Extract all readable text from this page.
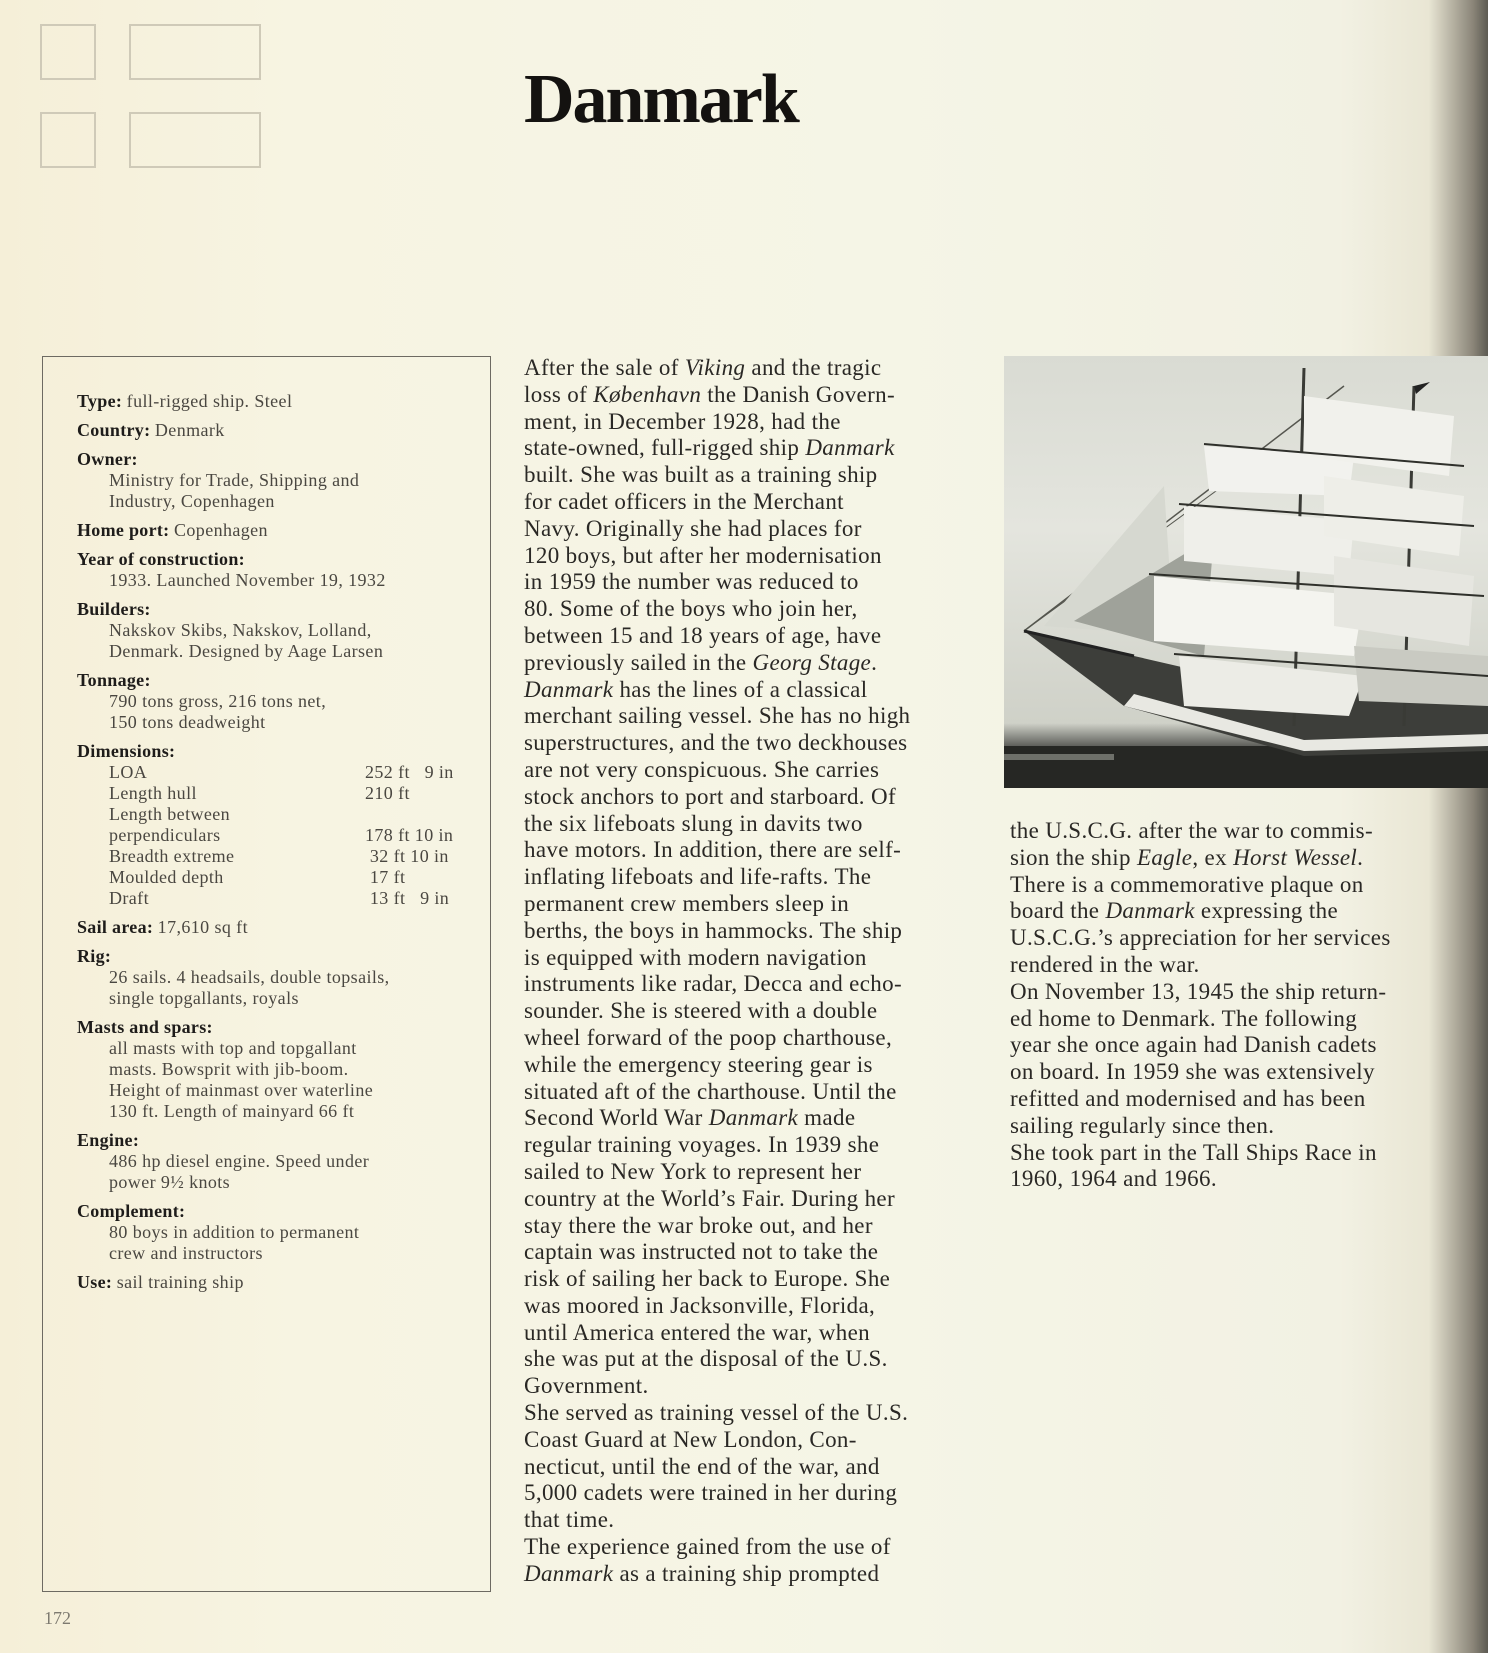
Danmark
Type: full-rigged ship. Steel
Country: Denmark
Owner:
Ministry for Trade, Shipping and
Industry, Copenhagen
Home port: Copenhagen
Year of construction:
1933. Launched November 19, 1932
Builders:
Nakskov Skibs, Nakskov, Lolland,
Denmark. Designed by Aage Larsen
Tonnage:
790 tons gross, 216 tons net,
150 tons deadweight
Dimensions:
LOA	252 ft   9 in
Length hull	210 ft
Length between
perpendiculars	178 ft 10 in
Breadth extreme	32 ft 10 in
Moulded depth	17 ft
Draft	13 ft   9 in
Sail area: 17,610 sq ft
Rig:
26 sails. 4 headsails, double topsails,
single topgallants, royals
Masts and spars:
all masts with top and topgallant
masts. Bowsprit with jib-boom.
Height of mainmast over waterline
130 ft. Length of mainyard 66 ft
Engine:
486 hp diesel engine. Speed under
power 9½ knots
Complement:
80 boys in addition to permanent
crew and instructors
Use: sail training ship
172

After the sale of Viking and the tragic

loss of København the Danish Govern-

ment, in December 1928, had the

state-owned, full-rigged ship Danmark

built. She was built as a training ship

for cadet officers in the Merchant

Navy. Originally she had places for

120 boys, but after her modernisation

in 1959 the number was reduced to

80. Some of the boys who join her,

between 15 and 18 years of age, have

previously sailed in the Georg Stage.

Danmark has the lines of a classical

merchant sailing vessel. She has no high

superstructures, and the two deckhouses

are not very conspicuous. She carries

stock anchors to port and starboard. Of

the six lifeboats slung in davits two

have motors. In addition, there are self-

inflating lifeboats and life-rafts. The

permanent crew members sleep in

berths, the boys in hammocks. The ship

is equipped with modern navigation

instruments like radar, Decca and echo-

sounder. She is steered with a double

wheel forward of the poop charthouse,

while the emergency steering gear is

situated aft of the charthouse. Until the

Second World War Danmark made

regular training voyages. In 1939 she

sailed to New York to represent her

country at the World’s Fair. During her

stay there the war broke out, and her

captain was instructed not to take the

risk of sailing her back to Europe. She

was moored in Jacksonville, Florida,

until America entered the war, when

she was put at the disposal of the U.S.

Government.

She served as training vessel of the U.S.

Coast Guard at New London, Con-

necticut, until the end of the war, and

5,000 cadets were trained in her during

that time.

The experience gained from the use of

Danmark as a training ship prompted

the U.S.C.G. after the war to commis-

sion the ship Eagle, ex Horst Wessel.

There is a commemorative plaque on

board the Danmark expressing the

U.S.C.G.’s appreciation for her services

rendered in the war.

On November 13, 1945 the ship return-

ed home to Denmark. The following

year she once again had Danish cadets

on board. In 1959 she was extensively

refitted and modernised and has been

sailing regularly since then.

She took part in the Tall Ships Race in

1960, 1964 and 1966.
